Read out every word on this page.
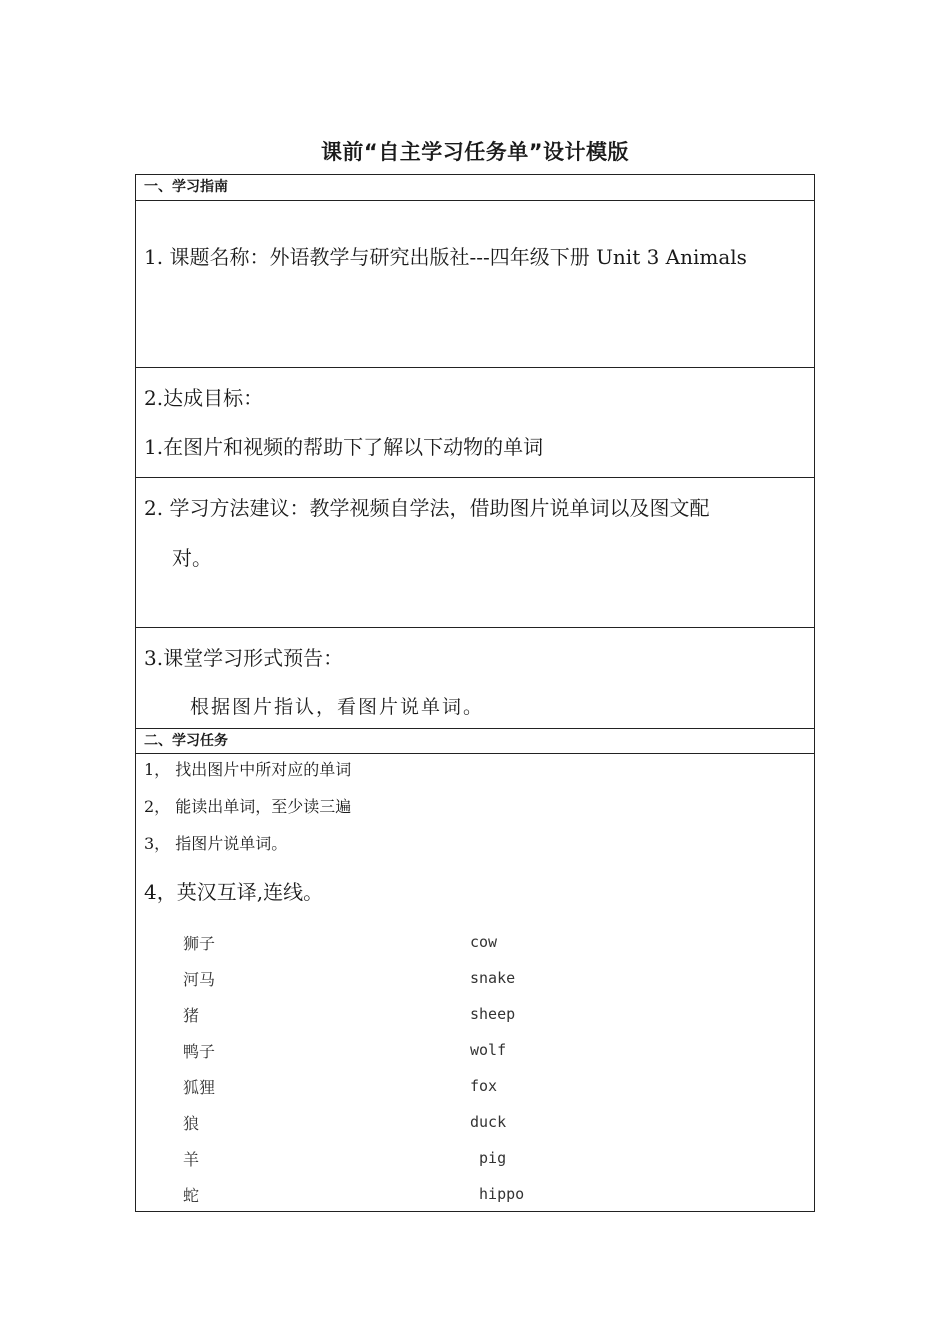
课前“自主学习任务单”设计模版
一、学习指南
1. 课题名称：外语教学与研究出版社---四年级下册 Unit 3 Animals
2.达成目标：
1.在图片和视频的帮助下了解以下动物的单词
2. 学习方法建议：教学视频自学法，借助图片说单词以及图文配
对。
3.课堂学习形式预告：
根据图片指认，看图片说单词。
二、学习任务
1， 找出图片中所对应的单词
2， 能读出单词，至少读三遍
3， 指图片说单词。
4，英汉互译,连线。
狮子
河马
猪
鸭子
狐狸
狼
羊
蛇
cow
snake
sheep
wolf
fox
duck
pig
hippo
